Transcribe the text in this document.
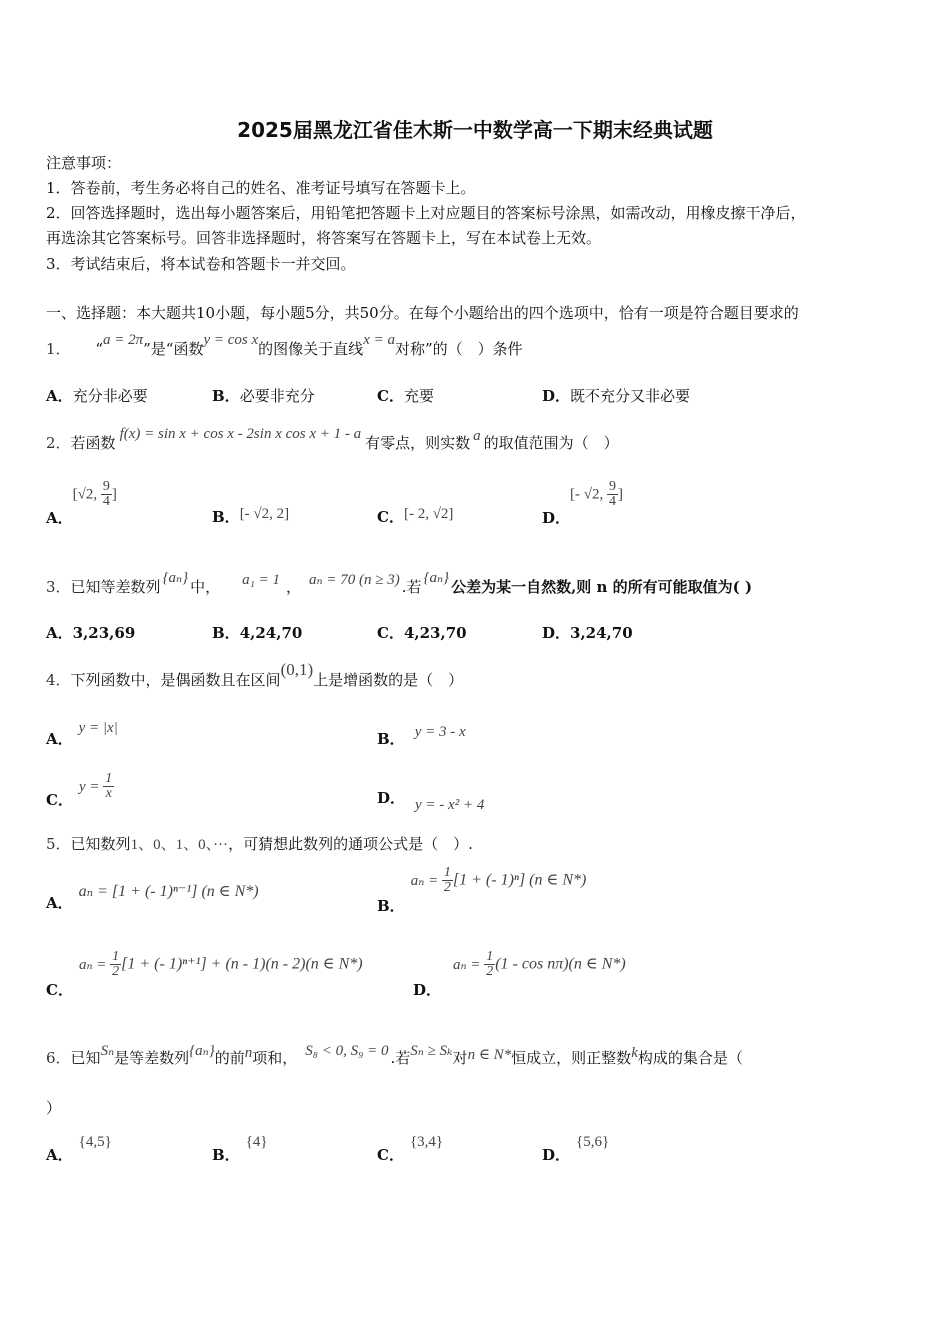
2025届黑龙江省佳木斯一中数学高一下期末经典试题
注意事项：
1．答卷前，考生务必将自己的姓名、准考证号填写在答题卡上。
2．回答选择题时，选出每小题答案后，用铅笔把答题卡上对应题目的答案标号涂黑，如需改动，用橡皮擦干净后，
再选涂其它答案标号。回答非选择题时，将答案写在答题卡上，写在本试卷上无效。
3．考试结束后，将本试卷和答题卡一并交回。
一、选择题：本大题共10小题，每小题5分，共50分。在每个小题给出的四个选项中，恰有一项是符合题目要求的
1． “a = 2π”是“函数y = cos x的图像关于直线x = a对称”的（　）条件
A．充分非必要	B．必要非充分	C．充要	D．既不充分又非必要
2．若函数 f(x) = sin x + cos x - 2sin x cos x + 1 - a 有零点，则实数 a 的取值范围为（　）
A．[√2, $\frac{9}{4}$ ]
B．[- √2, 2]	C．[- 2, √2]	D．[- √2, $\frac{9}{4}$ ]
3．已知等差数列 {aₙ} 中， a₁ = 1 ， aₙ = 70 (n ≥ 3) .若 {aₙ} 公差为某一自然数,则 n 的所有可能取值为( )
A．3,23,69	B．4,24,70	C．4,23,70	D．3,24,70
4．下列函数中，是偶函数且在区间(0,1)上是增函数的是（　）
A．y = |x|
B． y = 3 - x
C．$y = \frac{1}{x}$	D． y = - x² + 4
5．已知数列1、0、1、0、···，可猜想此数列的通项公式是（　）.
A．aₙ = [1 + (- 1)ⁿ⁻¹] (n ∈ N*)
B．$a_n = \frac{1}{2} [1$ + (- 1)ⁿ] (n ∈ N*)
C．$a_n = \frac{1}{2} [1$ + (- 1)ⁿ⁺¹] + (n - 1)(n - 2)(n ∈ N*)
D．$a_n = \frac{1}{2} (1 - \cos n\pi)(n$ ∈ N*)
6．已知Sₙ是等差数列{aₙ}的前n项和， S₈ < 0, S₉ = 0 .若Sₙ ≥ Sₖ对n ∈ N*恒成立，则正整数k构成的集合是（
）
A．{4,5}
B．{4}
C．{3,4}
D．{5,6}
